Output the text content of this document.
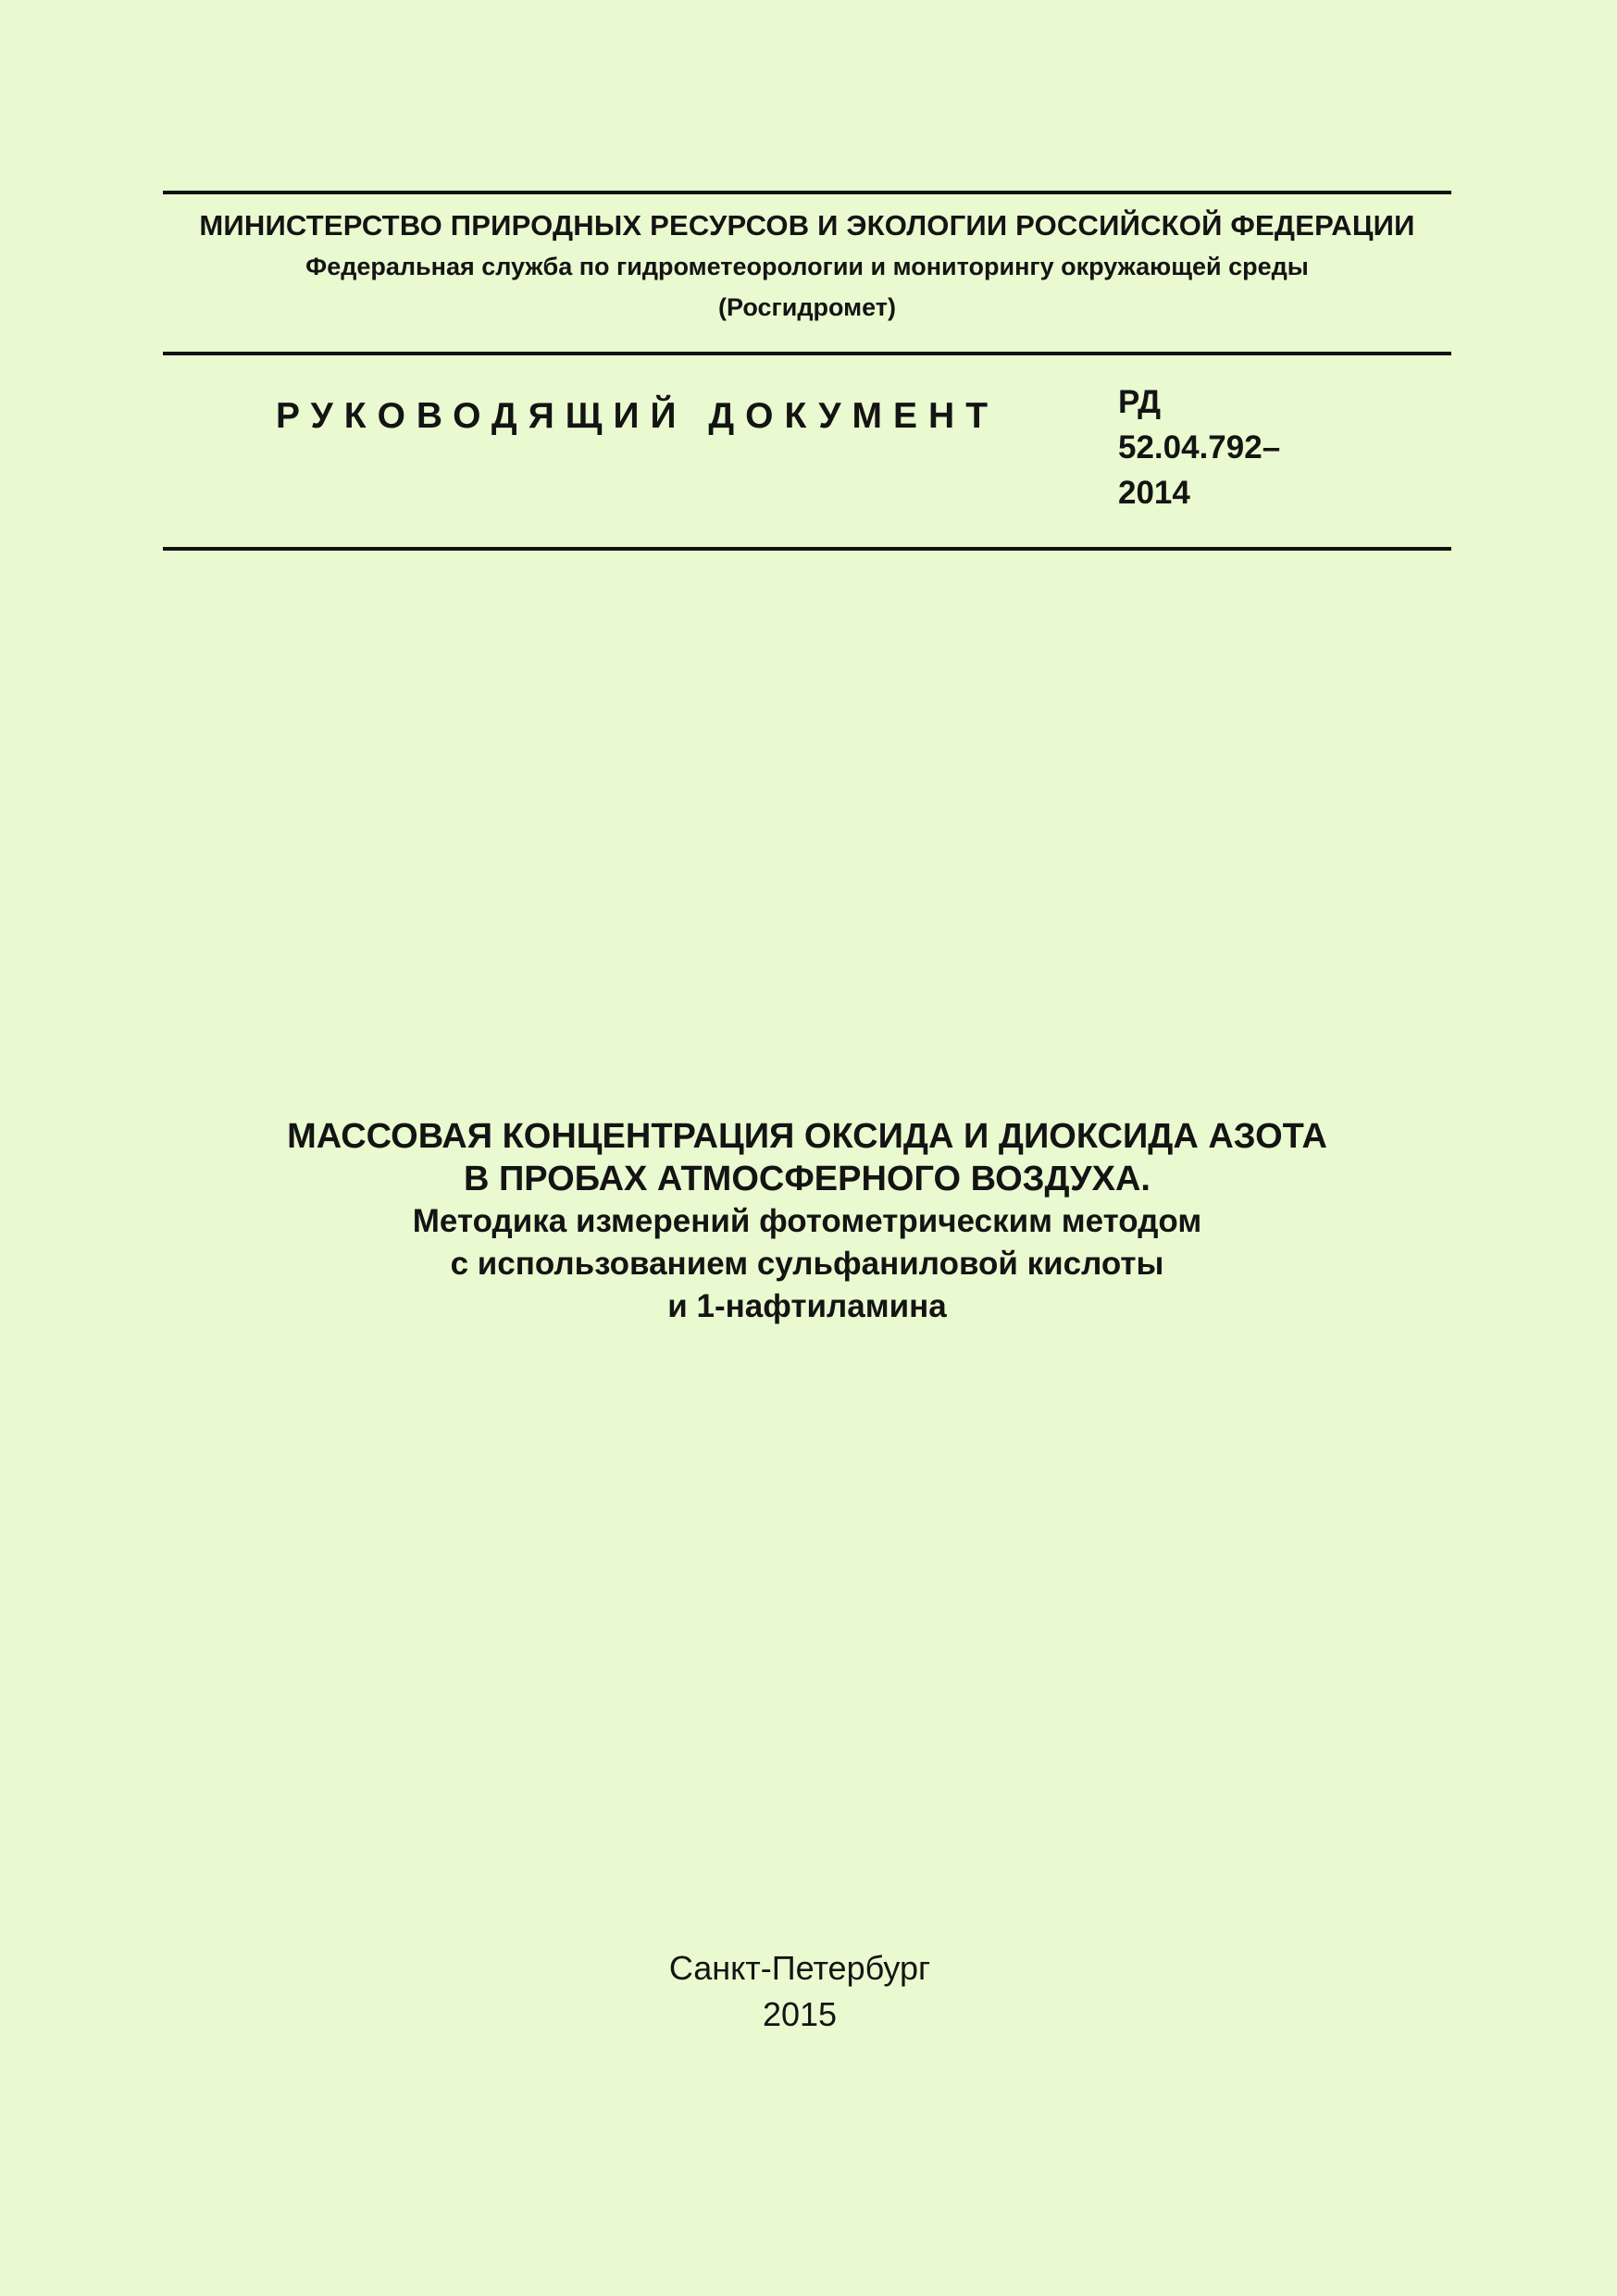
МИНИСТЕРСТВО ПРИРОДНЫХ РЕСУРСОВ И ЭКОЛОГИИ РОССИЙСКОЙ ФЕДЕРАЦИИ
Федеральная служба по гидрометеорологии и мониторингу окружающей среды
(Росгидромет)
РУКОВОДЯЩИЙ ДОКУМЕНТ	РД
52.04.792–
2014
МАССОВАЯ КОНЦЕНТРАЦИЯ ОКСИДА И ДИОКСИДА АЗОТА
В ПРОБАХ АТМОСФЕРНОГО ВОЗДУХА.
Методика измерений фотометрическим методом
с использованием сульфаниловой кислоты
и 1-нафтиламина
Санкт-Петербург
2015
